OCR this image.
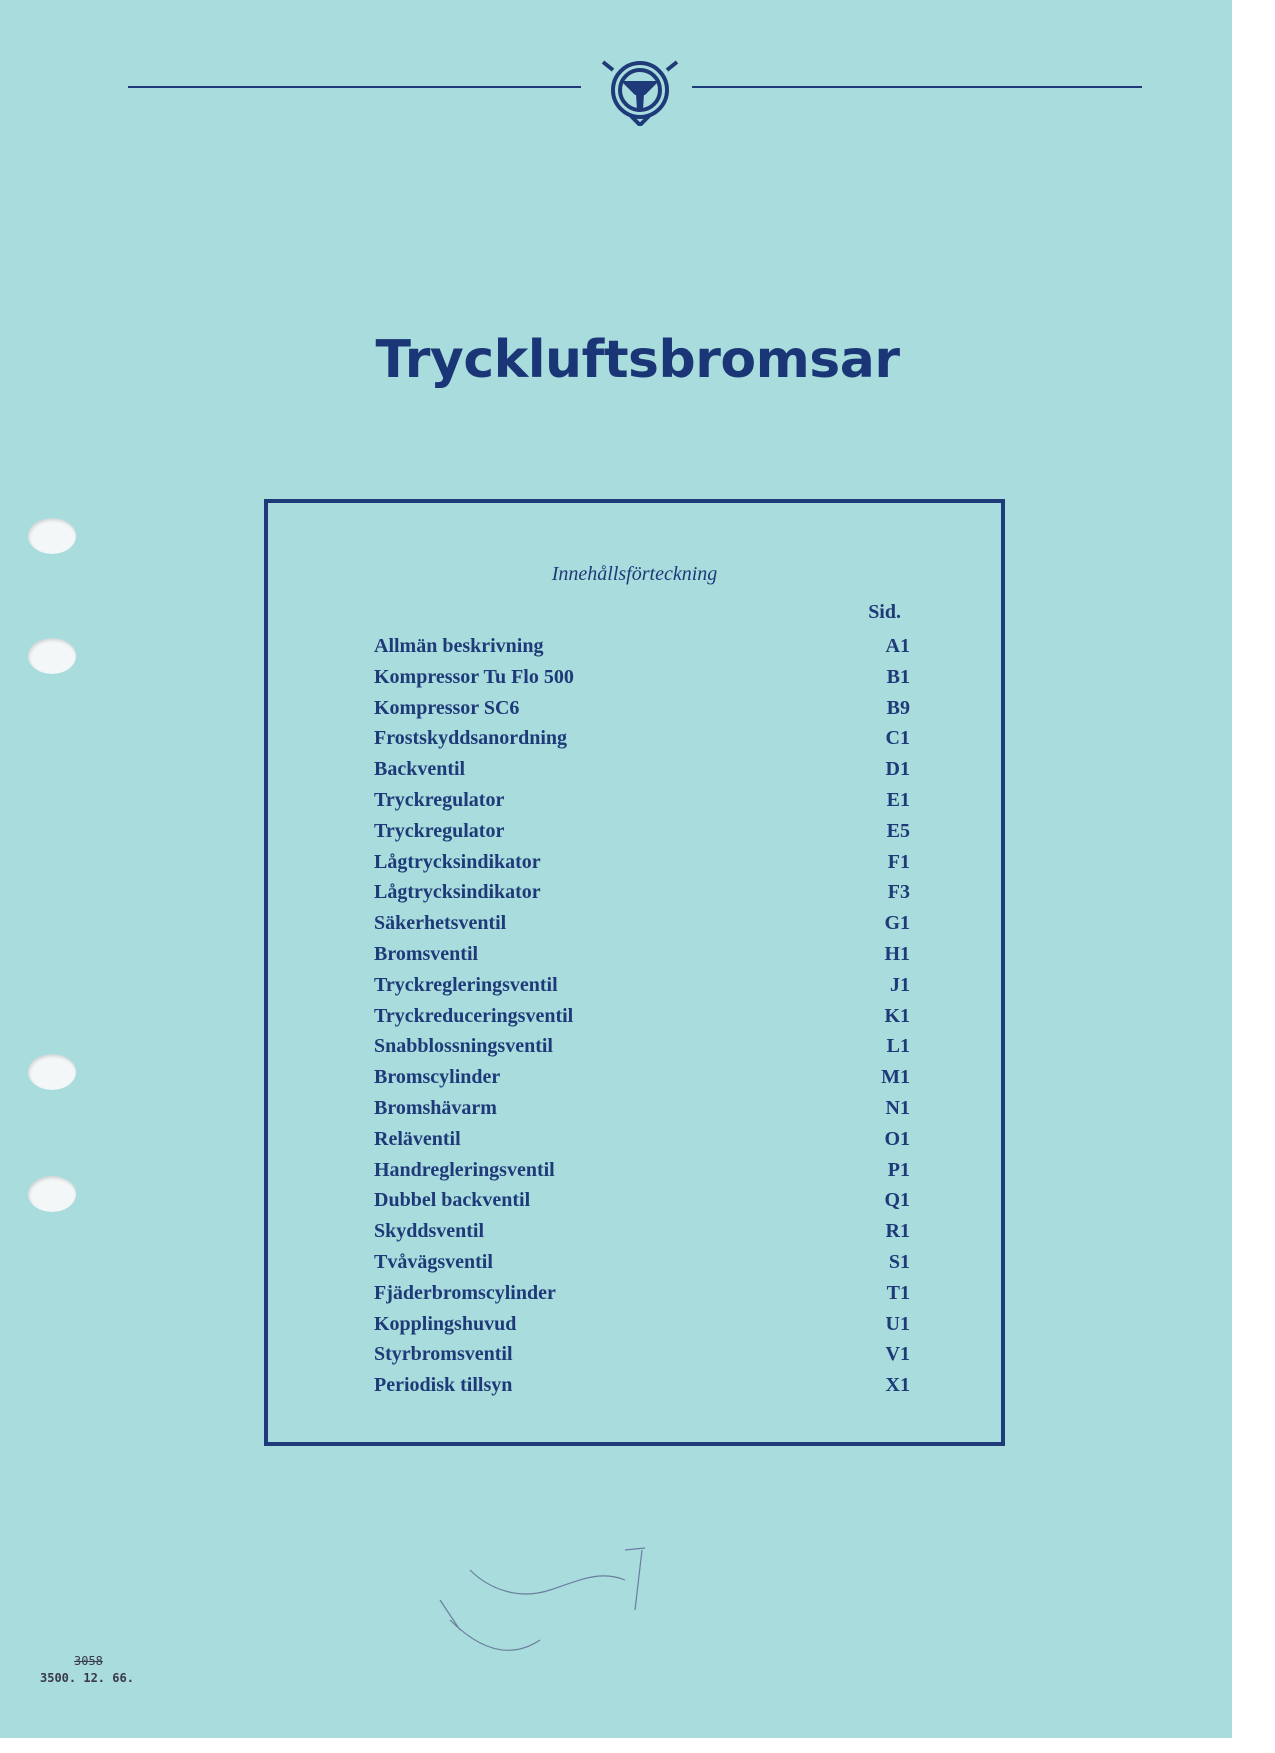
Tryckluftsbromsar
Innehållsförteckning
Sid.
Allmän beskrivning	A1
Kompressor Tu Flo 500	B1
Kompressor SC6	B9
Frostskyddsanordning	C1
Backventil	D1
Tryckregulator	E1
Tryckregulator	E5
Lågtrycksindikator	F1
Lågtrycksindikator	F3
Säkerhetsventil	G1
Bromsventil	H1
Tryckregleringsventil	J1
Tryckreduceringsventil	K1
Snabblossningsventil	L1
Bromscylinder	M1
Bromshävarm	N1
Reläventil	O1
Handregleringsventil	P1
Dubbel backventil	Q1
Skyddsventil	R1
Tvåvägsventil	S1
Fjäderbromscylinder	T1
Kopplingshuvud	U1
Styrbromsventil	V1
Periodisk tillsyn	X1
3058
3500. 12. 66.
